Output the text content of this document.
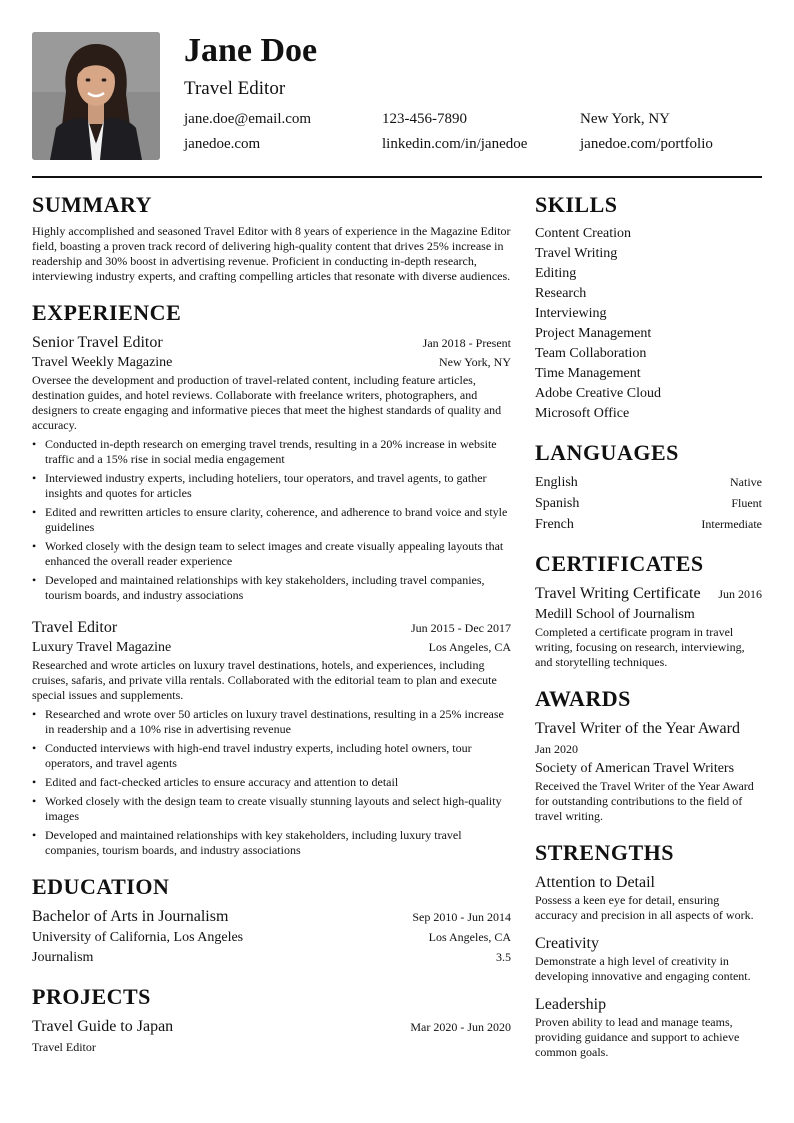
Jane Doe
Travel Editor
jane.doe@email.com	123-456-7890	New York, NY
janedoe.com	linkedin.com/in/janedoe	janedoe.com/portfolio
SUMMARY
Highly accomplished and seasoned Travel Editor with 8 years of experience in the Magazine Editor field, boasting a proven track record of delivering high-quality content that drives 25% increase in readership and 30% boost in advertising revenue. Proficient in conducting in-depth research, interviewing industry experts, and crafting compelling articles that resonate with diverse audiences.
EXPERIENCE
Senior Travel Editor	Jan 2018 - Present
Travel Weekly Magazine	New York, NY
Oversee the development and production of travel-related content, including feature articles, destination guides, and hotel reviews. Collaborate with freelance writers, photographers, and designers to create engaging and informative pieces that meet the highest standards of quality and accuracy.
• Conducted in-depth research on emerging travel trends, resulting in a 20% increase in website traffic and a 15% rise in social media engagement
• Interviewed industry experts, including hoteliers, tour operators, and travel agents, to gather insights and quotes for articles
• Edited and rewritten articles to ensure clarity, coherence, and adherence to brand voice and style guidelines
• Worked closely with the design team to select images and create visually appealing layouts that enhanced the overall reader experience
• Developed and maintained relationships with key stakeholders, including travel companies, tourism boards, and industry associations
Travel Editor	Jun 2015 - Dec 2017
Luxury Travel Magazine	Los Angeles, CA
Researched and wrote articles on luxury travel destinations, hotels, and experiences, including cruises, safaris, and private villa rentals. Collaborated with the editorial team to plan and execute special issues and supplements.
• Researched and wrote over 50 articles on luxury travel destinations, resulting in a 25% increase in readership and a 10% rise in advertising revenue
• Conducted interviews with high-end travel industry experts, including hotel owners, tour operators, and travel agents
• Edited and fact-checked articles to ensure accuracy and attention to detail
• Worked closely with the design team to create visually stunning layouts and select high-quality images
• Developed and maintained relationships with key stakeholders, including luxury travel companies, tourism boards, and industry associations
EDUCATION
Bachelor of Arts in Journalism	Sep 2010 - Jun 2014
University of California, Los Angeles	Los Angeles, CA
Journalism	3.5
PROJECTS
Travel Guide to Japan	Mar 2020 - Jun 2020
Travel Editor
SKILLS
Content Creation
Travel Writing
Editing
Research
Interviewing
Project Management
Team Collaboration
Time Management
Adobe Creative Cloud
Microsoft Office
LANGUAGES
English	Native
Spanish	Fluent
French	Intermediate
CERTIFICATES
Travel Writing Certificate Jun 2016
Medill School of Journalism
Completed a certificate program in travel writing, focusing on research, interviewing, and storytelling techniques.
AWARDS
Travel Writer of the Year Award
Jan 2020
Society of American Travel Writers
Received the Travel Writer of the Year Award for outstanding contributions to the field of travel writing.
STRENGTHS
Attention to Detail
Possess a keen eye for detail, ensuring accuracy and precision in all aspects of work.
Creativity
Demonstrate a high level of creativity in developing innovative and engaging content.
Leadership
Proven ability to lead and manage teams, providing guidance and support to achieve common goals.
